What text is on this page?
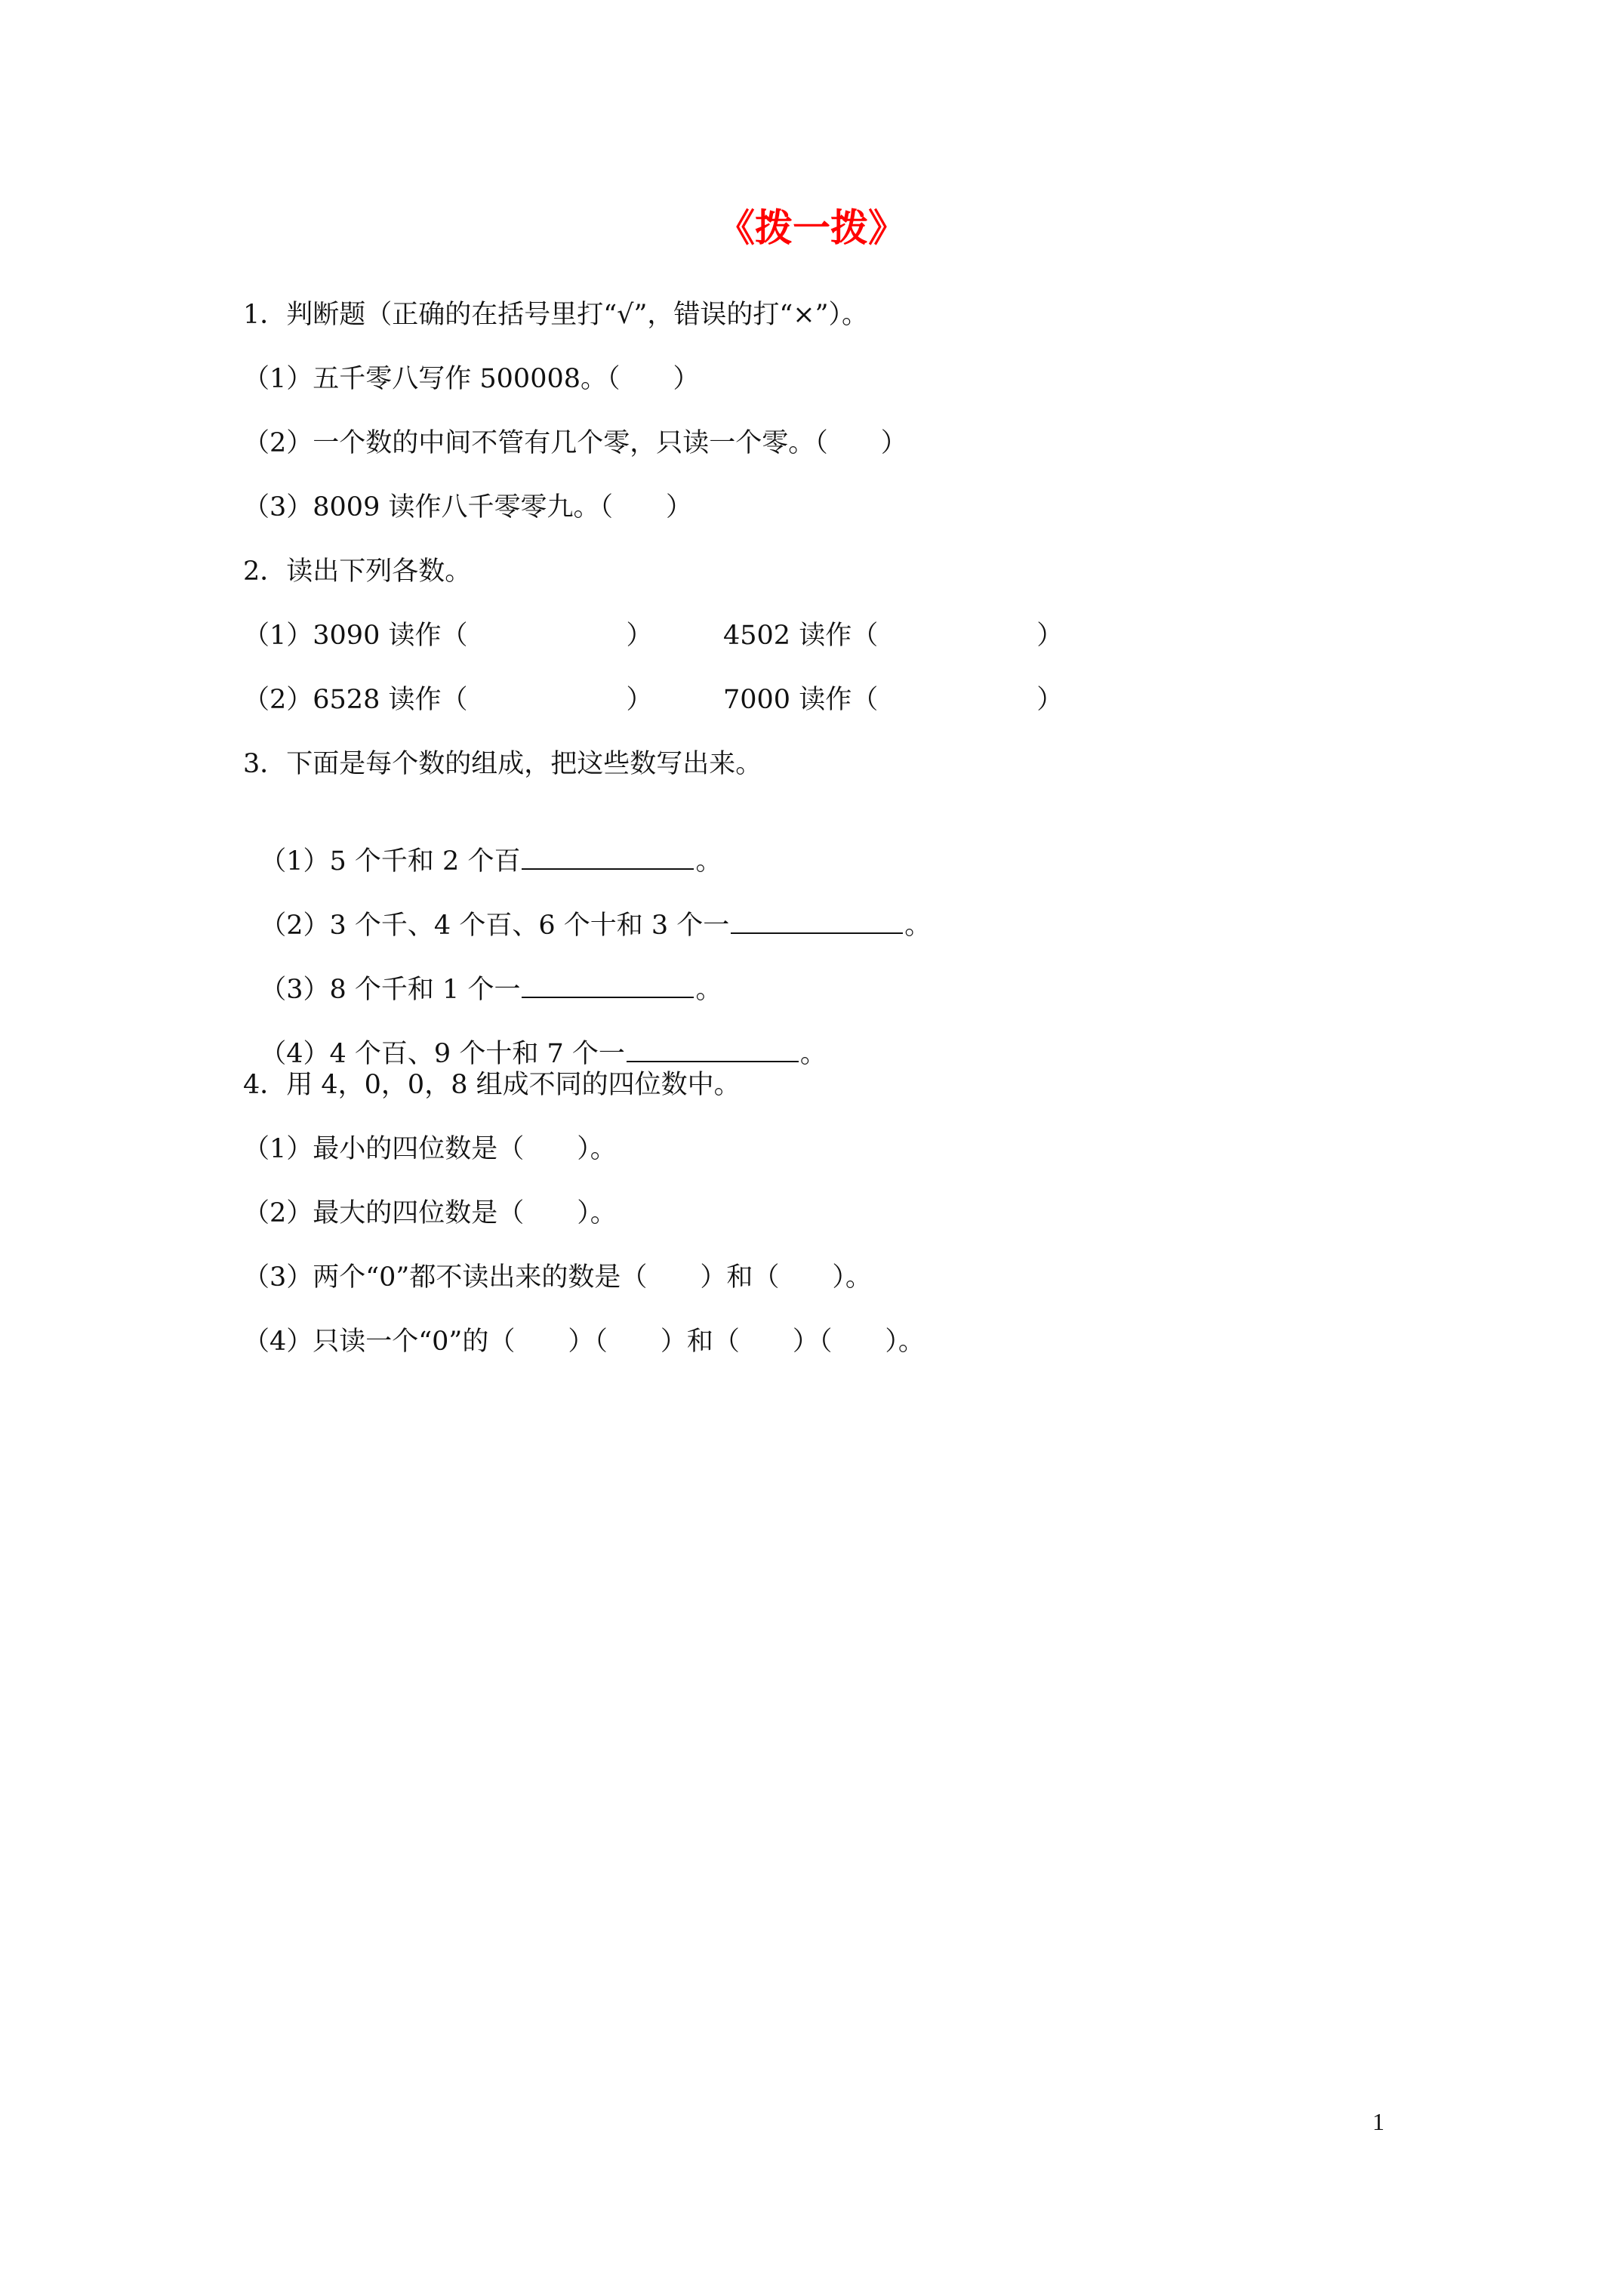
《拨一拨》
1．判断题（正确的在括号里打“√”，错误的打“×”）。
（1）五千零八写作 500008。（　　）
（2）一个数的中间不管有几个零，只读一个零。（　　）
（3）8009 读作八千零零九。（　　）
2．读出下列各数。
（1）3090 读作（　　　　　　）	4502 读作（　　　　　　）
（2）6528 读作（　　　　　　）	7000 读作（　　　　　　）
3．下面是每个数的组成，把这些数写出来。

（1）5 个千和 2 个百	。

（2）3 个千、4 个百、6 个十和 3 个一	。

（3）8 个千和 1 个一	。

（4）4 个百、9 个十和 7 个一	。

4．用 4，0，0，8 组成不同的四位数中。
（1）最小的四位数是（　　）。
（2）最大的四位数是（　　）。
（3）两个“0”都不读出来的数是（　　）和（　　）。
（4）只读一个“0”的（　　）（　　）和（　　）（　　）。
1
